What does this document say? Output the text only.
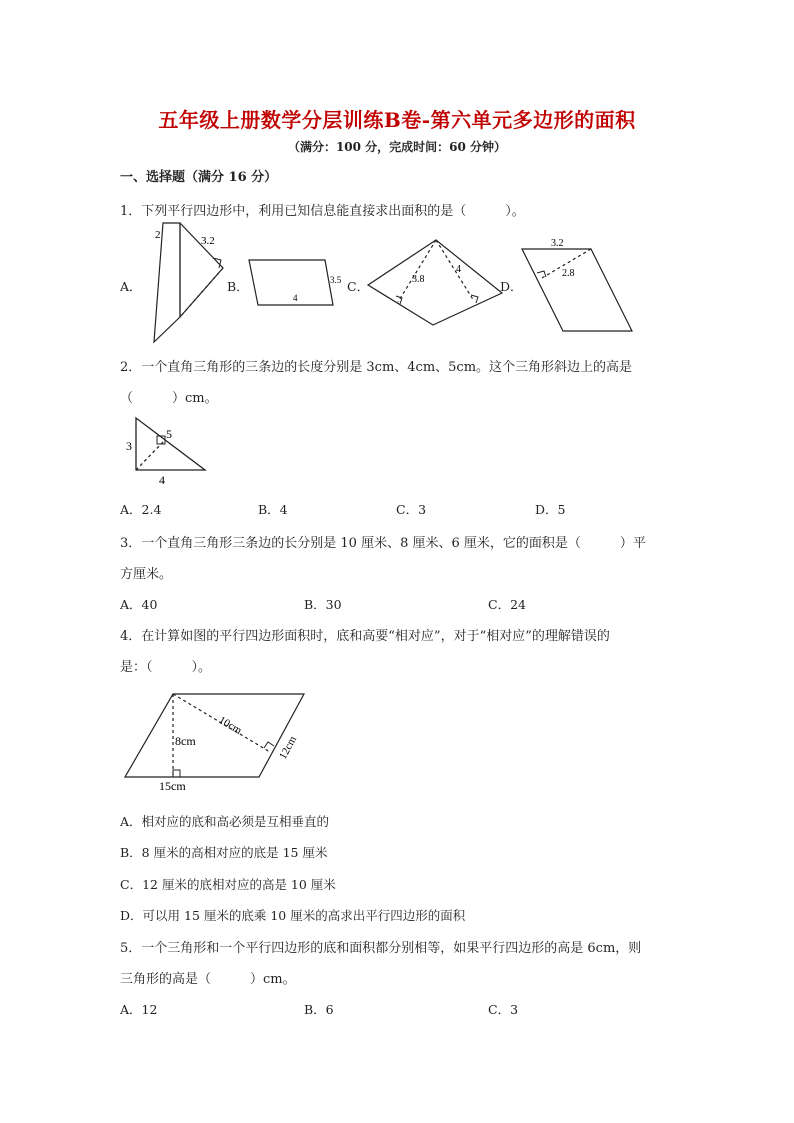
五年级上册数学分层训练B卷-第六单元多边形的面积
（满分：100 分，完成时间：60 分钟）
一、选择题（满分 16 分）
1．下列平行四边形中，利用已知信息能直接求出面积的是（　　　）。
A．	B．	C．	D．
2	3.2
3.5
4
3.8
4
3.2
2.8
3
5
4
10cm
8cm	12cm
15cm
2．一个直角三角形的三条边的长度分别是 3cm、4cm、5cm。这个三角形斜边上的高是
（　　　）cm。
A．2.4	B．4	C．3	D．5
3．一个直角三角形三条边的长分别是 10 厘米、8 厘米、6 厘米，它的面积是（　　　）平
方厘米。
A．40	B．30	C．24
4．在计算如图的平行四边形面积时，底和高要“相对应”，对于“相对应”的理解错误的
是：（　　　）。
A．相对应的底和高必须是互相垂直的
B．8 厘米的高相对应的底是 15 厘米
C．12 厘米的底相对应的高是 10 厘米
D．可以用 15 厘米的底乘 10 厘米的高求出平行四边形的面积
5．一个三角形和一个平行四边形的底和面积都分别相等，如果平行四边形的高是 6cm，则
三角形的高是（　　　）cm。
A．12	B．6	C．3
